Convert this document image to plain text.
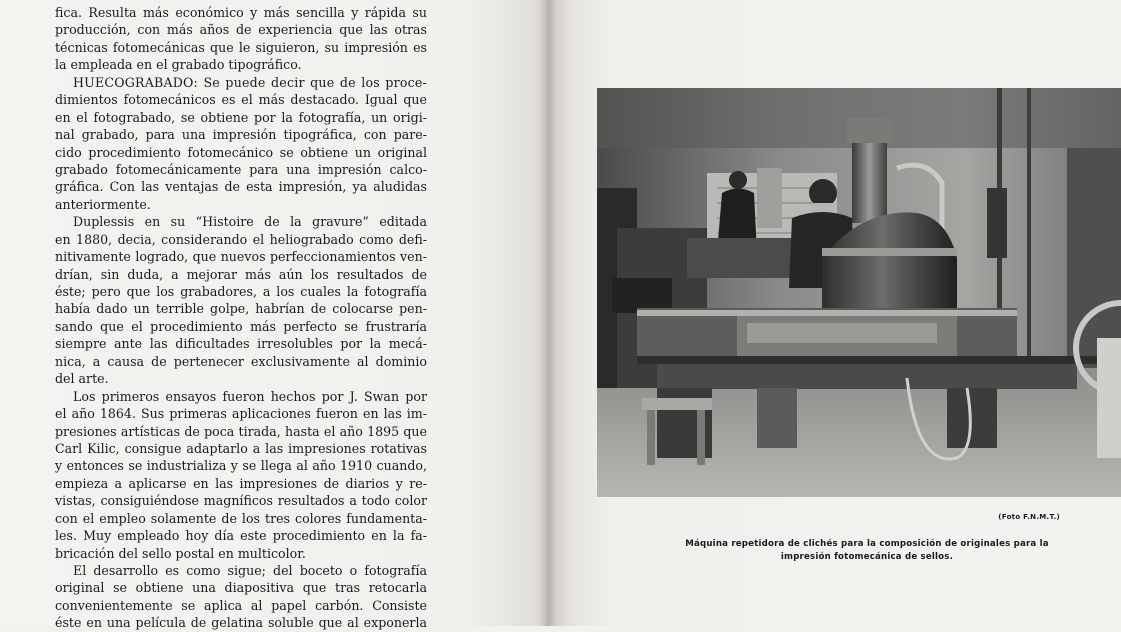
fica. Resulta más económico y más sencilla y rápida su
producción, con más años de experiencia que las otras
técnicas fotomecánicas que le siguieron, su impresión es
la empleada en el grabado tipográfico.
HUECOGRABADO: Se puede decir que de los proce-
dimientos fotomecánicos es el más destacado. Igual que
en el fotograbado, se obtiene por la fotografía, un origi-
nal grabado, para una impresión tipográfica, con pare-
cido procedimiento fotomecánico se obtiene un original
grabado fotomecánicamente para una impresión calco-
gráfica. Con las ventajas de esta impresión, ya aludidas
anteriormente.
Duplessis en su “Histoire de la gravure” editada
en 1880, decia, considerando el heliograbado como defi-
nitivamente logrado, que nuevos perfeccionamientos ven-
drían, sin duda, a mejorar más aún los resultados de
éste; pero que los grabadores, a los cuales la fotografía
había dado un terrible golpe, habrían de colocarse pen-
sando que el procedimiento más perfecto se frustraría
siempre ante las dificultades irresolubles por la mecá-
nica, a causa de pertenecer exclusivamente al dominio
del arte.
Los primeros ensayos fueron hechos por J. Swan por
el año 1864. Sus primeras aplicaciones fueron en las im-
presiones artísticas de poca tirada, hasta el año 1895 que
Carl Kilic, consigue adaptarlo a las impresiones rotativas
y entonces se industrializa y se llega al año 1910 cuando,
empieza a aplicarse en las impresiones de diarios y re-
vistas, consiguiéndose magníficos resultados a todo color
con el empleo solamente de los tres colores fundamenta-
les. Muy empleado hoy día este procedimiento en la fa-
bricación del sello postal en multicolor.
El desarrollo es como sigue; del boceto o fotografía
original se obtiene una diapositiva que tras retocarla
convenientemente se aplica al papel carbón. Consiste
éste en una película de gelatina soluble que al exponerla
(Foto F.N.M.T.)
Máquina repetidora de clichés para la composición de originales para la
impresión fotomecánica de sellos.
